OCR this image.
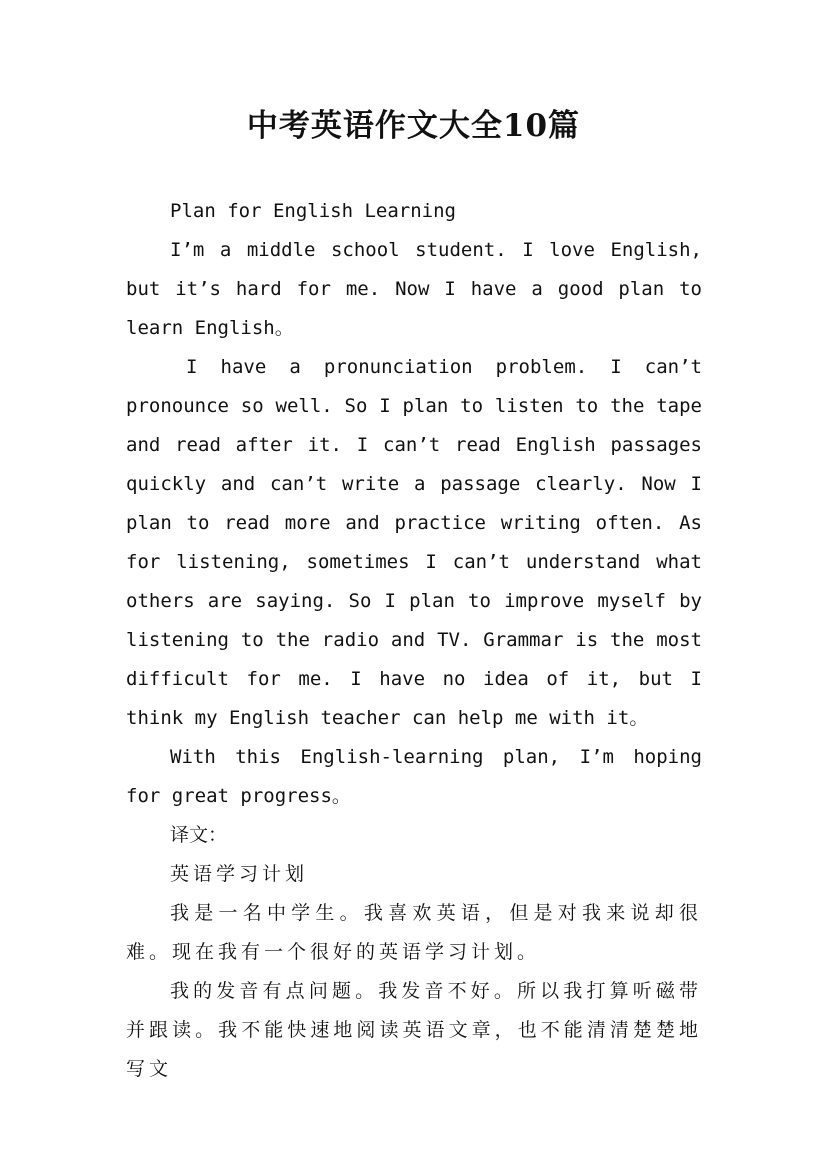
中考英语作文大全10篇

Plan for English Learning

I’m a middle school student. I love English, but it’s hard for me. Now I have a good plan to learn English。

I have a pronunciation problem. I can’t pronounce so well. So I plan to listen to the tape and read after it. I can’t read English passages quickly and can’t write a passage clearly. Now I plan to read more and practice writing often. As for listening, sometimes I can’t understand what others are saying. So I plan to improve myself by listening to the radio and TV. Grammar is the most difficult for me. I have no idea of it, but I think my English teacher can help me with it。

With this English-learning plan, I’m hoping for great progress。

译文：

英语学习计划

我是一名中学生。我喜欢英语，但是对我来说却很难。现在我有一个很好的英语学习计划。

我的发音有点问题。我发音不好。所以我打算听磁带并跟读。我不能快速地阅读英语文章，也不能清清楚楚地写文
